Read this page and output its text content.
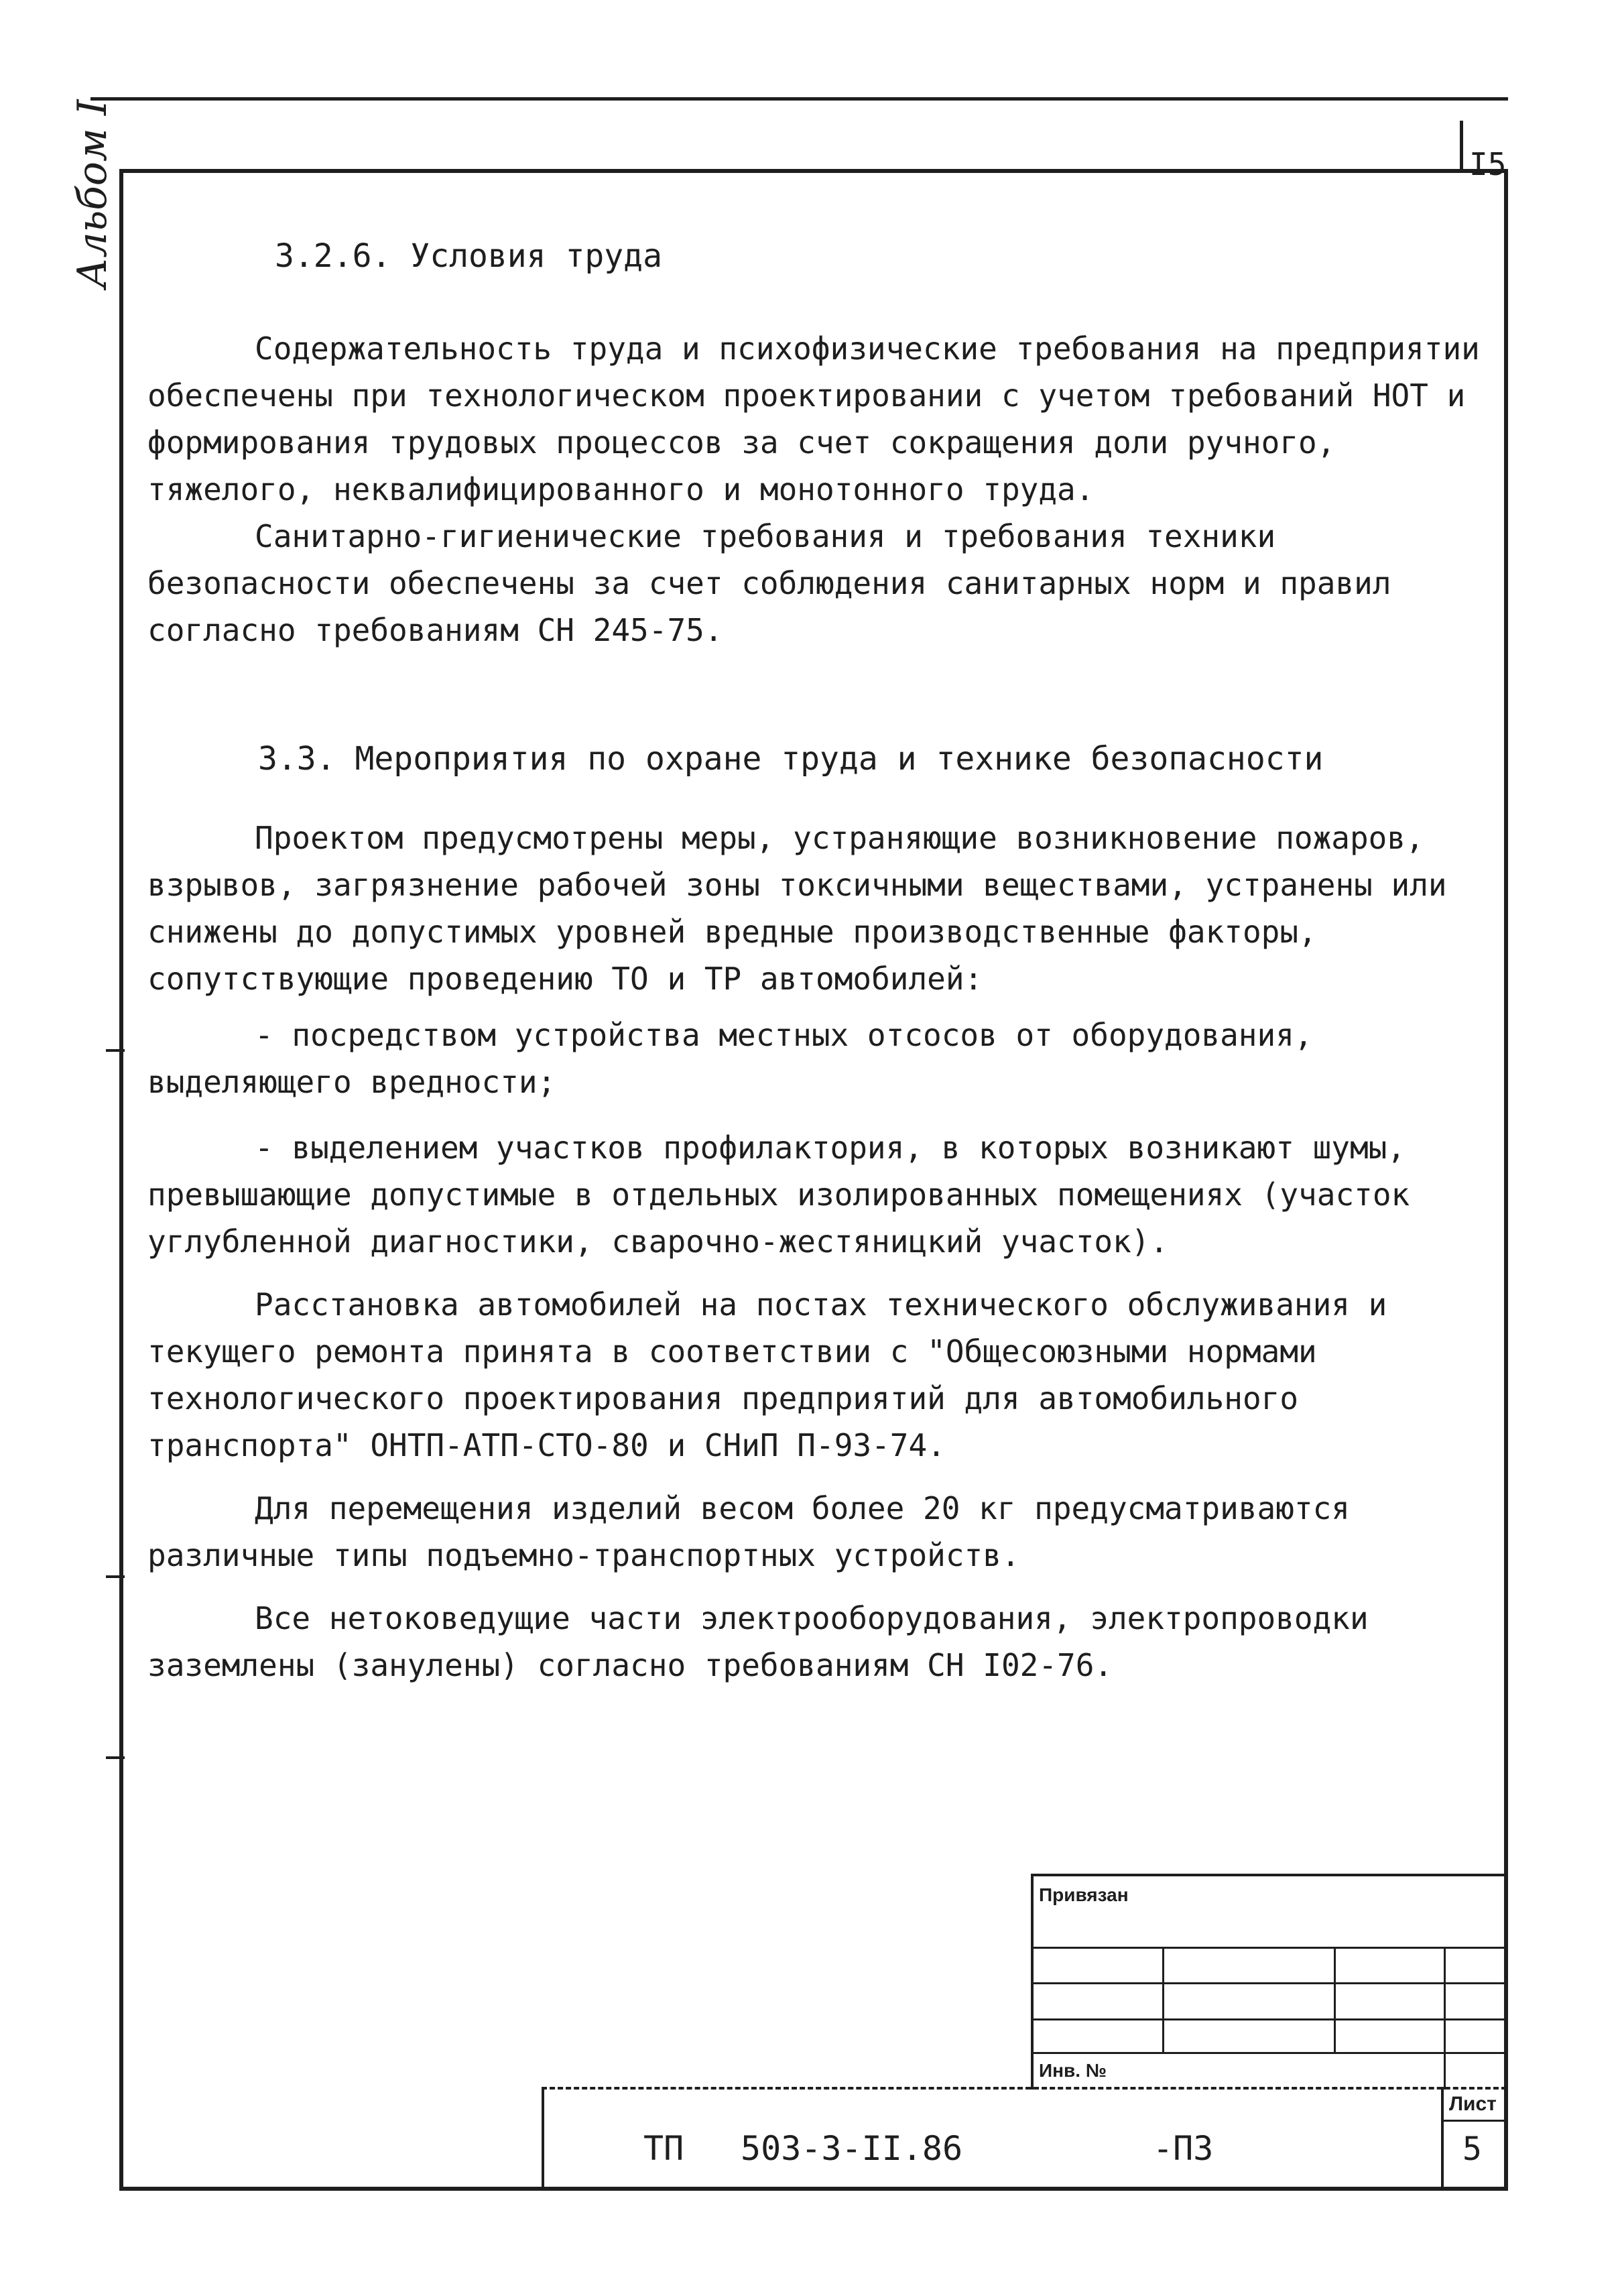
I5
Альбом I	3.2.6. Условия труда

Содержательность труда и психофизические требования на предприятии обеспечены при технологическом проектировании с учетом требований НОТ и формирования трудовых процессов за счет сокращения доли ручного, тяжелого, неквалифицированного и монотонного труда.

Санитарно-гигиенические требования и требования техники безопасности обеспечены за счет соблюдения санитарных норм и правил согласно требованиям СН 245-75.

3.3. Мероприятия по охране труда и технике безопасности

Проектом предусмотрены меры, устраняющие возникновение пожаров, взрывов, загрязнение рабочей зоны токсичными веществами, устранены или снижены до допустимых уровней вредные производственные факторы, сопутствующие проведению ТО и ТР автомобилей:

- посредством устройства местных отсосов от оборудования, выделяющего вредности;

- выделением участков профилактория, в которых возникают шумы, превышающие допустимые в отдельных изолированных помещениях (участок углубленной диагностики, сварочно-жестяницкий участок).

Расстановка автомобилей на постах технического обслуживания и текущего ремонта принята в соответствии с "Общесоюзными нормами технологического проектирования предприятий для автомобильного транспорта" ОНТП-АТП-СТО-80 и СНиП П-93-74.

Для перемещения изделий весом более 20 кг предусматриваются различные типы подъемно-транспортных устройств.

Все нетоковедущие части электрооборудования, электропроводки заземлены (занулены) согласно требованиям СН I02-76.

Привязан
Инв. №
ТП 503-3-II.86	-ПЗ
Лист
5
